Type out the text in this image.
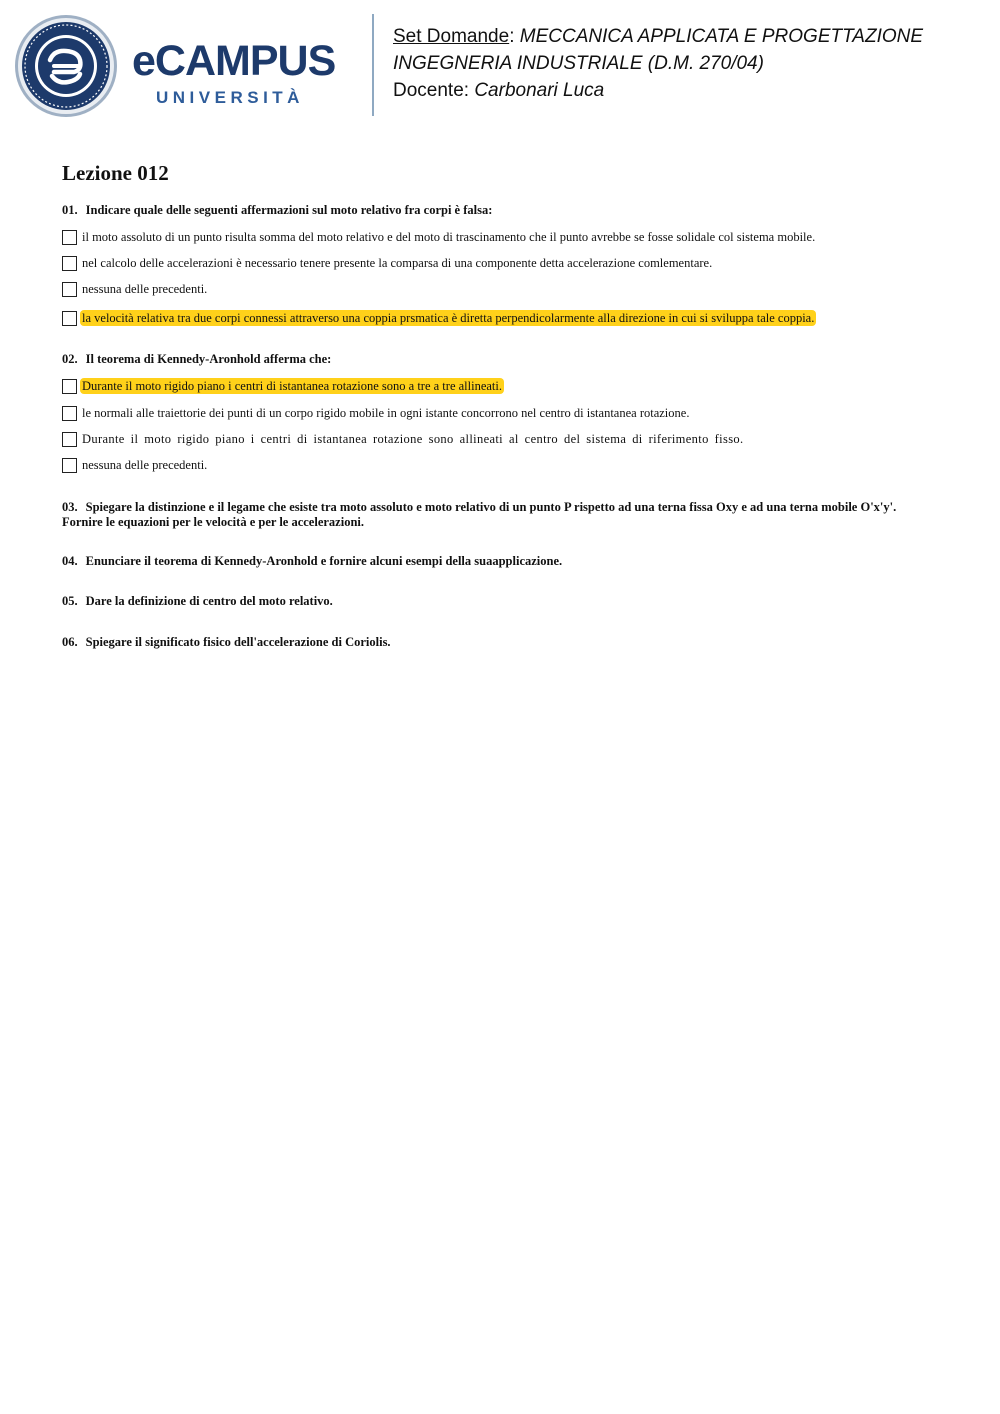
eCAMPUS
UNIVERSITÀ
Set Domande: MECCANICA APPLICATA E PROGETTAZIONE
INGEGNERIA INDUSTRIALE (D.M. 270/04)
Docente: Carbonari Luca
Lezione 012

01. Indicare quale delle seguenti affermazioni sul moto relativo fra corpi è falsa:

il moto assoluto di un punto risulta somma del moto relativo e del moto di trascinamento che il punto avrebbe se fosse solidale col sistema mobile.
nel calcolo delle accelerazioni è necessario tenere presente la comparsa di una componente detta accelerazione comlementare.
nessuna delle precedenti.
la velocità relativa tra due corpi connessi attraverso una coppia prsmatica è diretta perpendicolarmente alla direzione in cui si sviluppa tale coppia.

02. Il teorema di Kennedy-Aronhold afferma che:

Durante il moto rigido piano i centri di istantanea rotazione sono a tre a tre allineati.
le normali alle traiettorie dei punti di un corpo rigido mobile in ogni istante concorrono nel centro di istantanea rotazione.
Durante il moto rigido piano i centri di istantanea rotazione sono allineati al centro del sistema di riferimento fisso.
nessuna delle precedenti.

03. Spiegare la distinzione e il legame che esiste tra moto assoluto e moto relativo di un punto P rispetto ad una terna fissa Oxy e ad una terna mobile O'x'y'.

Fornire le equazioni per le velocità e per le accelerazioni.

04. Enunciare il teorema di Kennedy-Aronhold e fornire alcuni esempi della suaapplicazione.

05. Dare la definizione di centro del moto relativo.

06. Spiegare il significato fisico dell'accelerazione di Coriolis.
